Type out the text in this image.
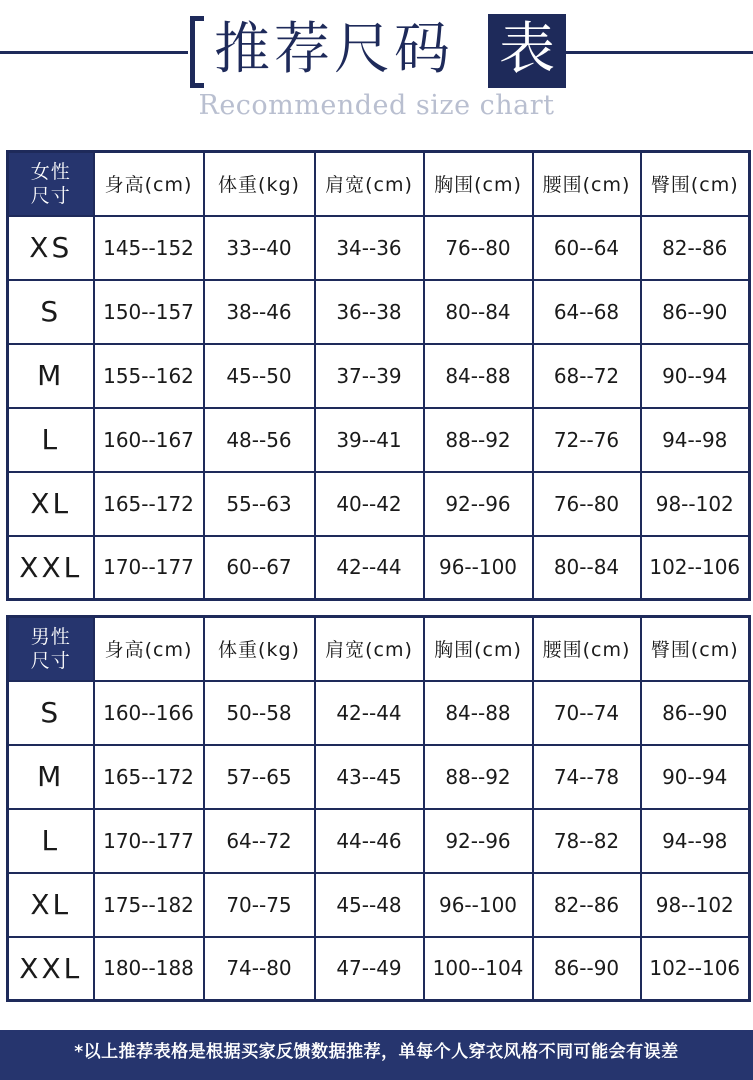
推荐尺码 表
Recommended size chart
女性
尺寸	身高(cm)	体重(kg)	肩宽(cm)	胸围(cm)	腰围(cm)	臀围(cm)
XS	145--152	33--40	34--36	76--80	60--64	82--86
S	150--157	38--46	36--38	80--84	64--68	86--90
M	155--162	45--50	37--39	84--88	68--72	90--94
L	160--167	48--56	39--41	88--92	72--76	94--98
XL	165--172	55--63	40--42	92--96	76--80	98--102
XXL	170--177	60--67	42--44	96--100	80--84	102--106
男性
尺寸	身高(cm)	体重(kg)	肩宽(cm)	胸围(cm)	腰围(cm)	臀围(cm)
S	160--166	50--58	42--44	84--88	70--74	86--90
M	165--172	57--65	43--45	88--92	74--78	90--94
L	170--177	64--72	44--46	92--96	78--82	94--98
XL	175--182	70--75	45--48	96--100	82--86	98--102
XXL	180--188	74--80	47--49	100--104	86--90	102--106
*以上推荐表格是根据买家反馈数据推荐，单每个人穿衣风格不同可能会有误差
